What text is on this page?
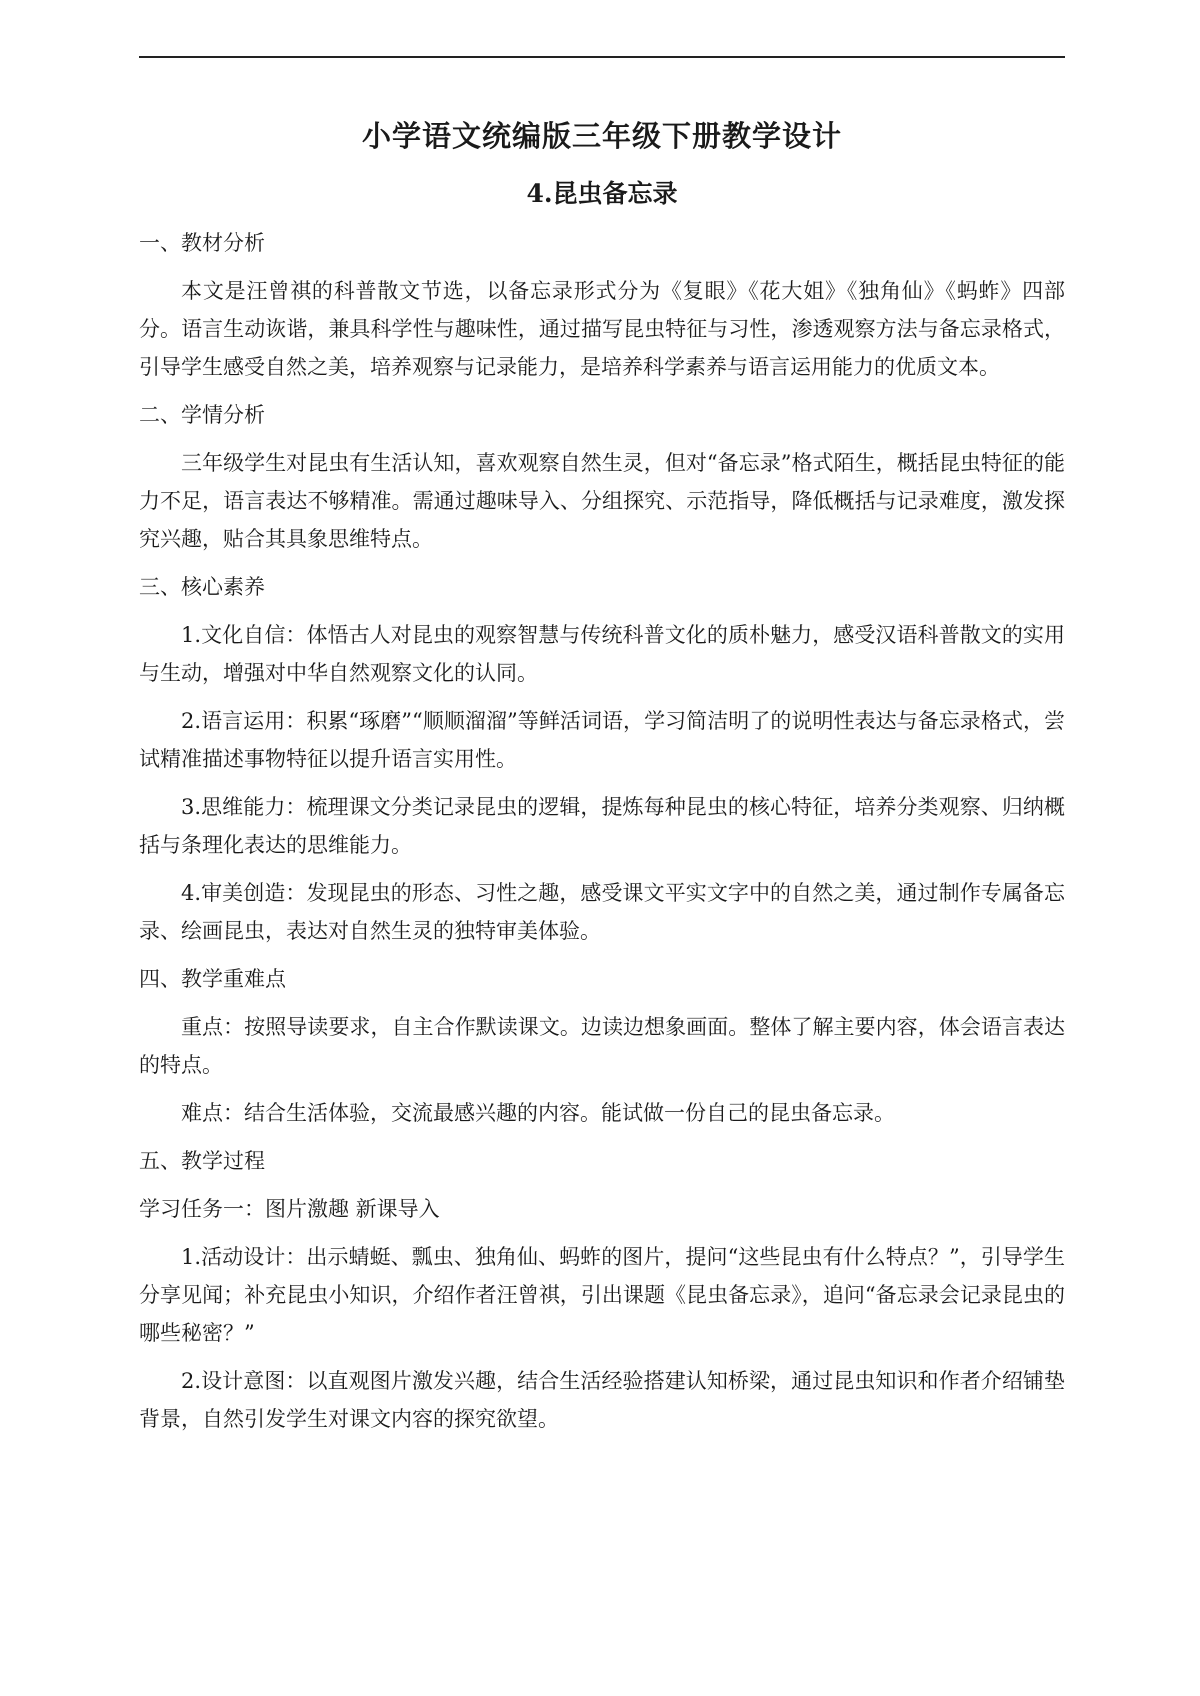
小学语文统编版三年级下册教学设计
4.昆虫备忘录
一、教材分析

本文是汪曾祺的科普散文节选，以备忘录形式分为《复眼》《花大姐》《独角仙》《蚂蚱》四部分。语言生动诙谐，兼具科学性与趣味性，通过描写昆虫特征与习性，渗透观察方法与备忘录格式，引导学生感受自然之美，培养观察与记录能力，是培养科学素养与语言运用能力的优质文本。

二、学情分析

三年级学生对昆虫有生活认知，喜欢观察自然生灵，但对“备忘录”格式陌生，概括昆虫特征的能力不足，语言表达不够精准。需通过趣味导入、分组探究、示范指导，降低概括与记录难度，激发探究兴趣，贴合其具象思维特点。

三、核心素养

1.文化自信：体悟古人对昆虫的观察智慧与传统科普文化的质朴魅力，感受汉语科普散文的实用与生动，增强对中华自然观察文化的认同。

2.语言运用：积累“琢磨”“顺顺溜溜”等鲜活词语，学习简洁明了的说明性表达与备忘录格式，尝试精准描述事物特征以提升语言实用性。

3.思维能力：梳理课文分类记录昆虫的逻辑，提炼每种昆虫的核心特征，培养分类观察、归纳概括与条理化表达的思维能力。

4.审美创造：发现昆虫的形态、习性之趣，感受课文平实文字中的自然之美，通过制作专属备忘录、绘画昆虫，表达对自然生灵的独特审美体验。

四、教学重难点

重点：按照导读要求，自主合作默读课文。边读边想象画面。整体了解主要内容，体会语言表达的特点。

难点：结合生活体验，交流最感兴趣的内容。能试做一份自己的昆虫备忘录。

五、教学过程
学习任务一：图片激趣 新课导入

1.活动设计：出示蜻蜓、瓢虫、独角仙、蚂蚱的图片，提问“这些昆虫有什么特点？”，引导学生分享见闻；补充昆虫小知识，介绍作者汪曾祺，引出课题《昆虫备忘录》，追问“备忘录会记录昆虫的哪些秘密？”

2.设计意图：以直观图片激发兴趣，结合生活经验搭建认知桥梁，通过昆虫知识和作者介绍铺垫背景，自然引发学生对课文内容的探究欲望。
